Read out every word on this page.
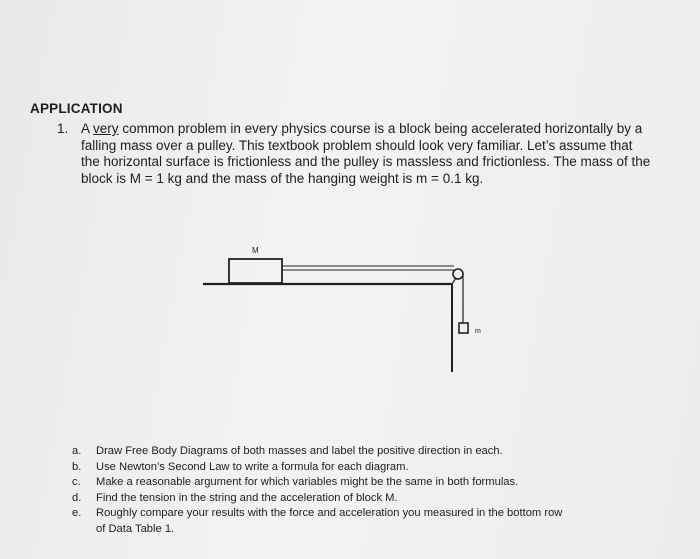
APPLICATION
1. A very common problem in every physics course is a block being accelerated horizontally by a
falling mass over a pulley. This textbook problem should look very familiar. Let’s assume that
the horizontal surface is frictionless and the pulley is massless and frictionless. The mass of the
block is M = 1 kg and the mass of the hanging weight is m = 0.1 kg.
M
m
a. Draw Free Body Diagrams of both masses and label the positive direction in each.
b. Use Newton’s Second Law to write a formula for each diagram.
c. Make a reasonable argument for which variables might be the same in both formulas.
d. Find the tension in the string and the acceleration of block M.
e. Roughly compare your results with the force and acceleration you measured in the bottom row
of Data Table 1.
